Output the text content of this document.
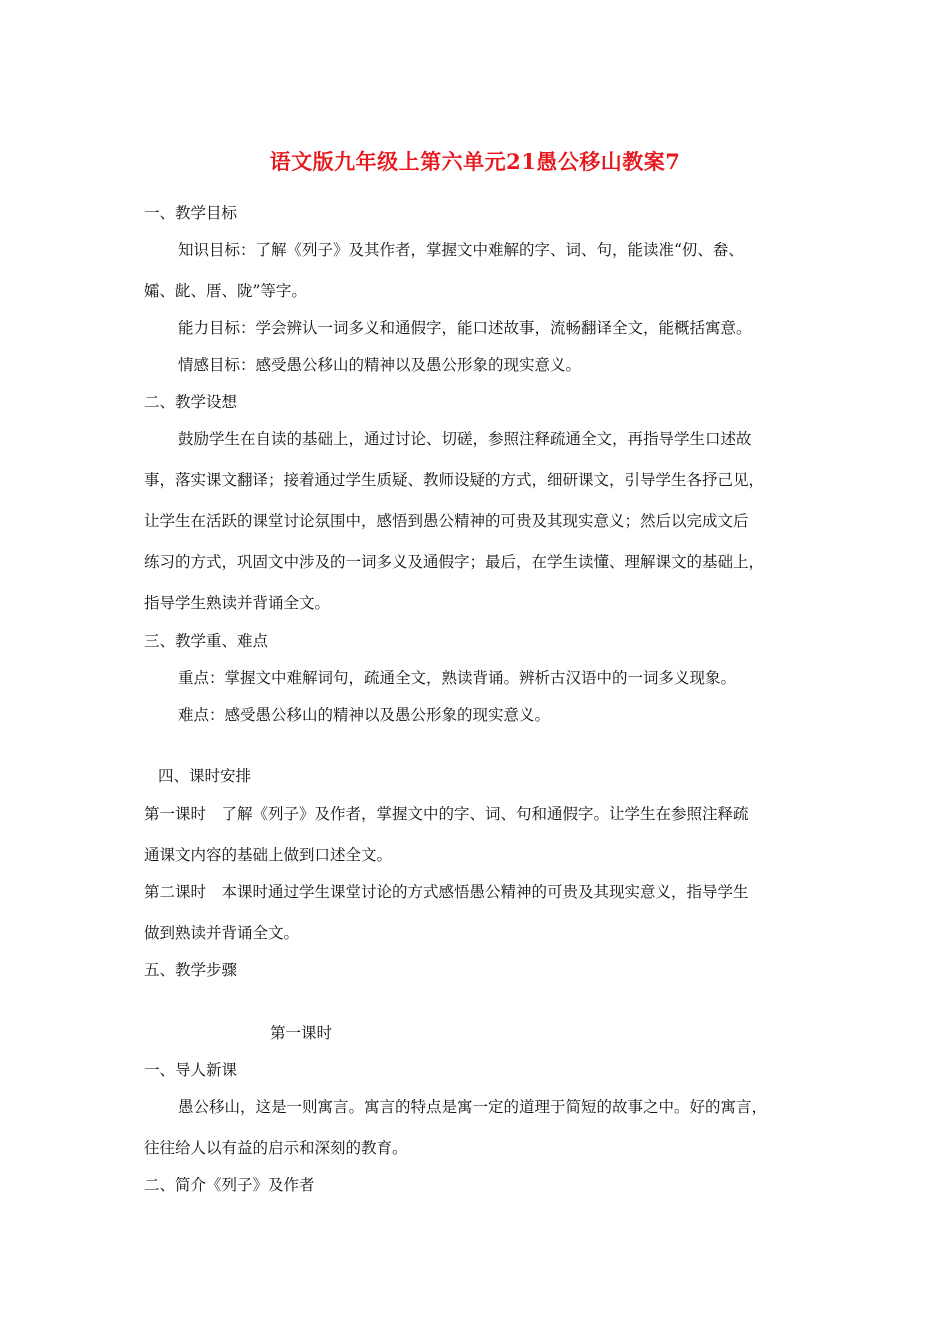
语文版九年级上第六单元21愚公移山教案7
一、教学目标
知识目标：了解《列子》及其作者，掌握文中难解的字、词、句，能读准“仞、畚、
孀、龀、厝、陇”等字。
能力目标：学会辨认一词多义和通假字，能口述故事，流畅翻译全文，能概括寓意。
情感目标：感受愚公移山的精神以及愚公形象的现实意义。
二、教学设想
鼓励学生在自读的基础上，通过讨论、切磋，参照注释疏通全文，再指导学生口述故
事，落实课文翻译；接着通过学生质疑、教师设疑的方式，细研课文，引导学生各抒己见，
让学生在活跃的课堂讨论氛围中，感悟到愚公精神的可贵及其现实意义；然后以完成文后
练习的方式，巩固文中涉及的一词多义及通假字；最后，在学生读懂、理解课文的基础上，
指导学生熟读并背诵全文。
三、教学重、难点
重点：掌握文中难解词句，疏通全文，熟读背诵。辨析古汉语中的一词多义现象。
难点：感受愚公移山的精神以及愚公形象的现实意义。
四、课时安排
第一课时　了解《列子》及作者，掌握文中的字、词、句和通假字。让学生在参照注释疏
通课文内容的基础上做到口述全文。
第二课时　本课时通过学生课堂讨论的方式感悟愚公精神的可贵及其现实意义，指导学生
做到熟读并背诵全文。
五、教学步骤
第一课时
一、导人新课
愚公移山，这是一则寓言。寓言的特点是寓一定的道理于简短的故事之中。好的寓言，
往往给人以有益的启示和深刻的教育。
二、简介《列子》及作者
